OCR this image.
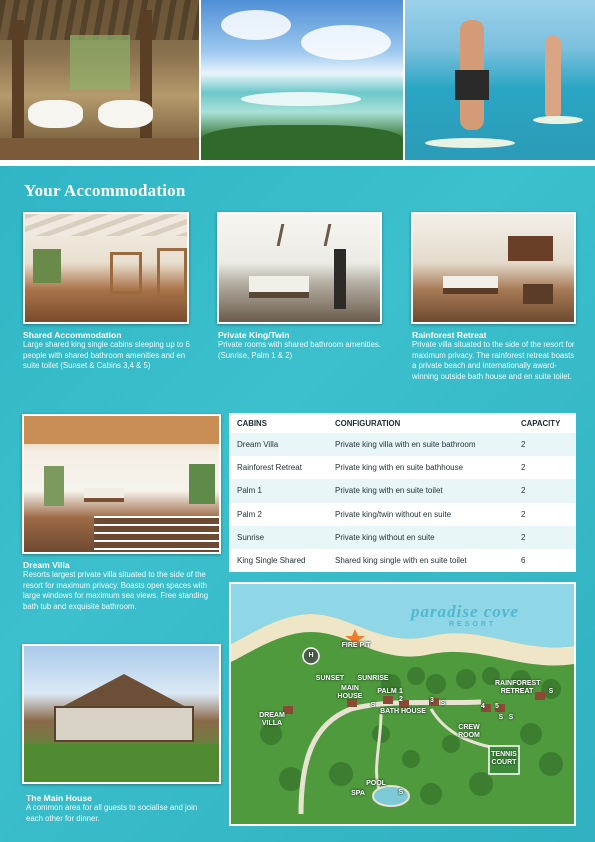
Your Accommodation
Shared Accommodation
Large shared king single cabins sleeping up to 6 people with shared bathroom amenities and en suite toilet (Sunset & Cabins 3,4 & 5)
Private King/Twin
Private rooms with shared bathroom amenities. (Sunrise, Palm 1 & 2)
Rainforest Retreat
Private villa situated to the side of the resort for maximum privacy. The rainforest retreat boasts a private beach and internationally award-winning outside bath house and en suite toilet.
Dream Villa
Resorts largest private villa situated to the side of the resort for maximum privacy. Boasts open spaces with large windows for maximum sea views. Free standing bath tub and exquisite bathroom.
The Main House
A common area for all guests to socialise and join each other for dinner.
CABINS	CONFIGURATION	CAPACITY
Dream Villa	Private king villa with en suite bathroom	2
Rainforest Retreat	Private king with en suite bathhouse	2
Palm 1	Private king with en suite toilet	2
Palm 2	Private king/twin without en suite	2
Sunrise	Private king without en suite	2
King Single Shared	Shared king single with en suite toilet	6
paradise cove
RESORT
H
FIRE PIT
SUNSET	SUNRISE
MAIN HOUSE
PALM 1
2
BATH HOUSE
DREAM VILLA
RAINFOREST RETREAT
CREW ROOM
TENNIS COURT
POOL
SPA
3
4 5
S	S
S S
S
S
